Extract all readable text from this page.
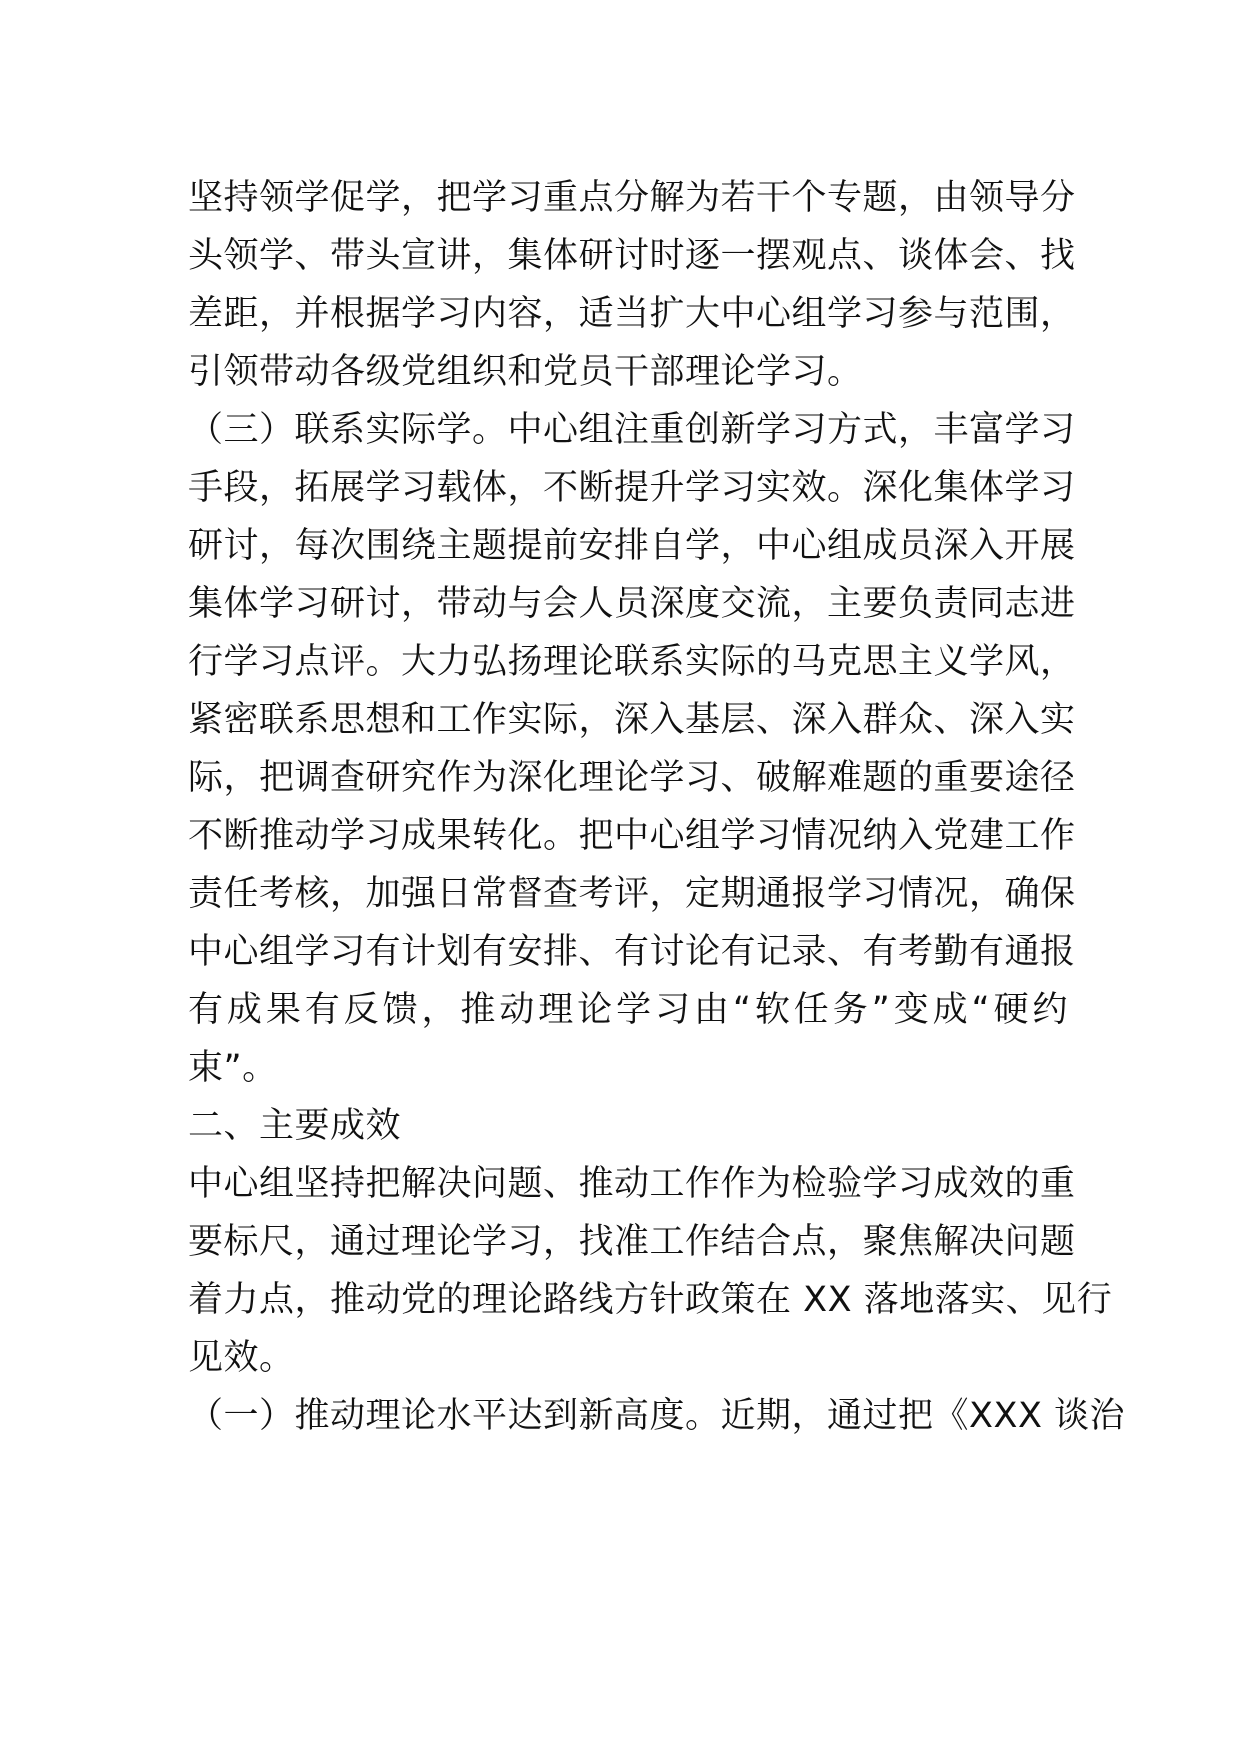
坚持领学促学，把学习重点分解为若干个专题，由领导分
头领学、带头宣讲，集体研讨时逐一摆观点、谈体会、找
差距，并根据学习内容，适当扩大中心组学习参与范围，
引领带动各级党组织和党员干部理论学习。
（三）联系实际学。中心组注重创新学习方式，丰富学习
手段，拓展学习载体，不断提升学习实效。深化集体学习
研讨，每次围绕主题提前安排自学，中心组成员深入开展
集体学习研讨，带动与会人员深度交流，主要负责同志进
行学习点评。大力弘扬理论联系实际的马克思主义学风，
紧密联系思想和工作实际，深入基层、深入群众、深入实
际，把调查研究作为深化理论学习、破解难题的重要途径
不断推动学习成果转化。把中心组学习情况纳入党建工作
责任考核，加强日常督查考评，定期通报学习情况，确保
中心组学习有计划有安排、有讨论有记录、有考勤有通报
有成果有反馈，推动理论学习由“软任务”变成“硬约
束”。
二、主要成效
中心组坚持把解决问题、推动工作作为检验学习成效的重
要标尺，通过理论学习，找准工作结合点，聚焦解决问题
着力点，推动党的理论路线方针政策在 XX 落地落实、见行
见效。
（一）推动理论水平达到新高度。近期，通过把《XXX 谈治
